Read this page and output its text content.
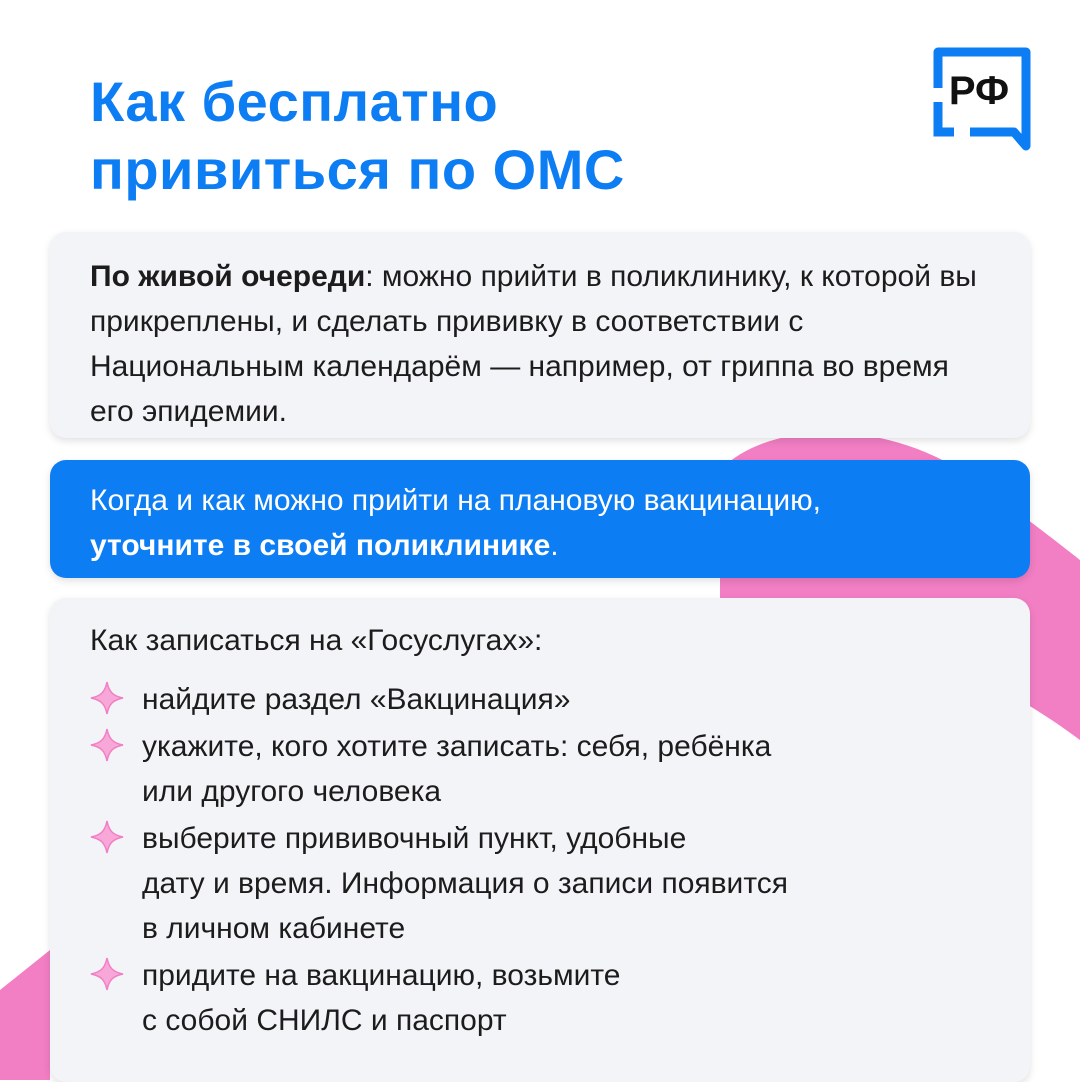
Как бесплатно
привиться по ОМС
РФ
По живой очереди: можно прийти в поликлинику, к которой вы прикреплены, и сделать прививку в соответствии с Национальным календарём — например, от гриппа во время его эпидемии.
Когда и как можно прийти на плановую вакцинацию,
уточните в своей поликлинике.
Как записаться на «Госуслугах»:
найдите раздел «Вакцинация»
укажите, кого хотите записать: себя, ребёнка
или другого человека
выберите прививочный пункт, удобные
дату и время. Информация о записи появится
в личном кабинете
придите на вакцинацию, возьмите
с собой СНИЛС и паспорт
